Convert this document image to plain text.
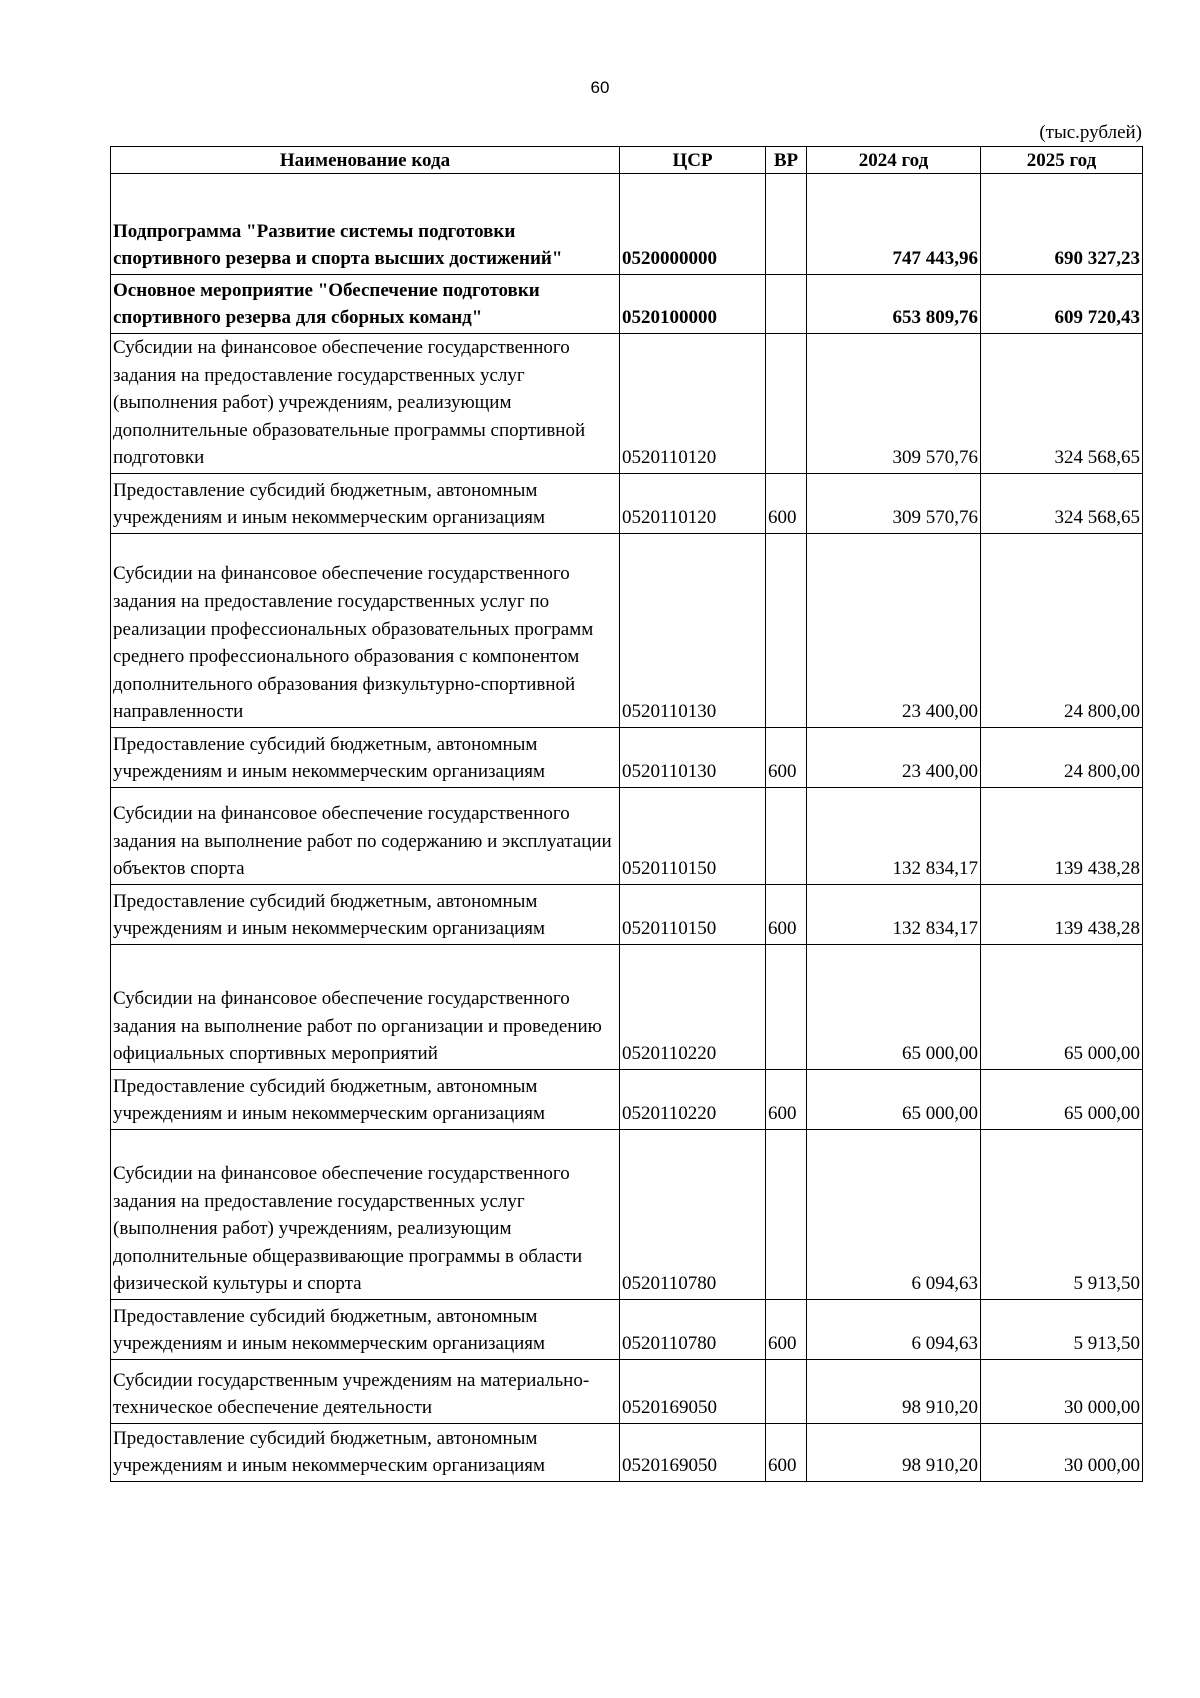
60
(тыс.рублей)
Наименование кода	ЦСР	ВР	2024 год	2025 год
Подпрограмма "Развитие системы подготовки спортивного резерва и спорта высших достижений"	0520000000		747 443,96	690 327,23
Основное мероприятие "Обеспечение подготовки спортивного резерва для сборных команд"	0520100000		653 809,76	609 720,43
Субсидии на финансовое обеспечение государственного задания на предоставление государственных услуг (выполнения работ) учреждениям, реализующим дополнительные образовательные программы спортивной подготовки	0520110120		309 570,76	324 568,65
Предоставление субсидий бюджетным, автономным учреждениям и иным некоммерческим организациям	0520110120	600	309 570,76	324 568,65
Субсидии на финансовое обеспечение государственного задания на предоставление государственных услуг по реализации профессиональных образовательных программ среднего профессионального образования с компонентом дополнительного образования физкультурно-спортивной направленности	0520110130		23 400,00	24 800,00
Предоставление субсидий бюджетным, автономным учреждениям и иным некоммерческим организациям	0520110130	600	23 400,00	24 800,00
Субсидии на финансовое обеспечение государственного задания на выполнение работ по содержанию и эксплуатации объектов спорта	0520110150		132 834,17	139 438,28
Предоставление субсидий бюджетным, автономным учреждениям и иным некоммерческим организациям	0520110150	600	132 834,17	139 438,28
Субсидии на финансовое обеспечение государственного задания на выполнение работ по организации и проведению официальных спортивных мероприятий	0520110220		65 000,00	65 000,00
Предоставление субсидий бюджетным, автономным учреждениям и иным некоммерческим организациям	0520110220	600	65 000,00	65 000,00
Субсидии на финансовое обеспечение государственного задания на предоставление государственных услуг (выполнения работ) учреждениям, реализующим дополнительные общеразвивающие программы в области физической культуры и спорта	0520110780		6 094,63	5 913,50
Предоставление субсидий бюджетным, автономным учреждениям и иным некоммерческим организациям	0520110780	600	6 094,63	5 913,50
Субсидии государственным учреждениям на материально-техническое обеспечение деятельности	0520169050		98 910,20	30 000,00
Предоставление субсидий бюджетным, автономным учреждениям и иным некоммерческим организациям	0520169050	600	98 910,20	30 000,00
